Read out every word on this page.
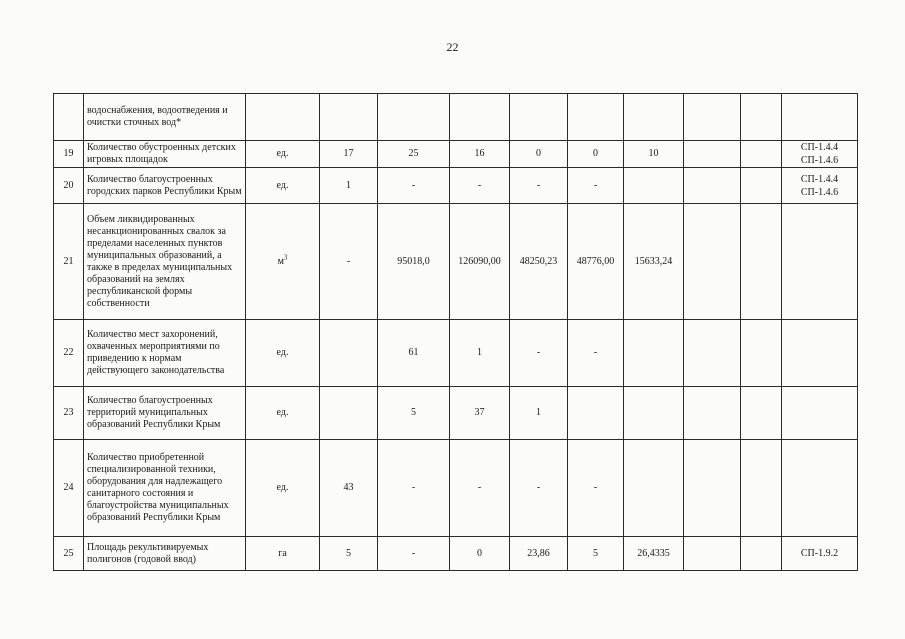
22
	водоснабжения, водоотведения и очистки сточных вод*										
19	Количество обустроенных детских игровых площадок	ед.	17	25	16	0	0	10			СП-1.4.4
СП-1.4.6
20	Количество благоустроенных городских парков Республики Крым	ед.	1	-	-	-	-				СП-1.4.4
СП-1.4.6
21	Объем ликвидированных несанкционированных свалок за пределами населенных пунктов муниципальных образований, а также в пределах муниципальных образований на землях республиканской формы собственности	$м^3$	-	95018,0	126090,00	48250,23	48776,00	15633,24			
22	Количество мест захоронений, охваченных мероприятиями по приведению к нормам действующего законодательства	ед.		61	1	-	-				
23	Количество благоустроенных территорий муниципальных образований Республики Крым	ед.		5	37	1					
24	Количество приобретенной специализированной техники, оборудования для надлежащего санитарного состояния и благоустройства муниципальных образований Республики Крым	ед.	43	-	-	-	-				
25	Площадь рекультивируемых полигонов (годовой ввод)	га	5	-	0	23,86	5	26,4335			СП-1.9.2
